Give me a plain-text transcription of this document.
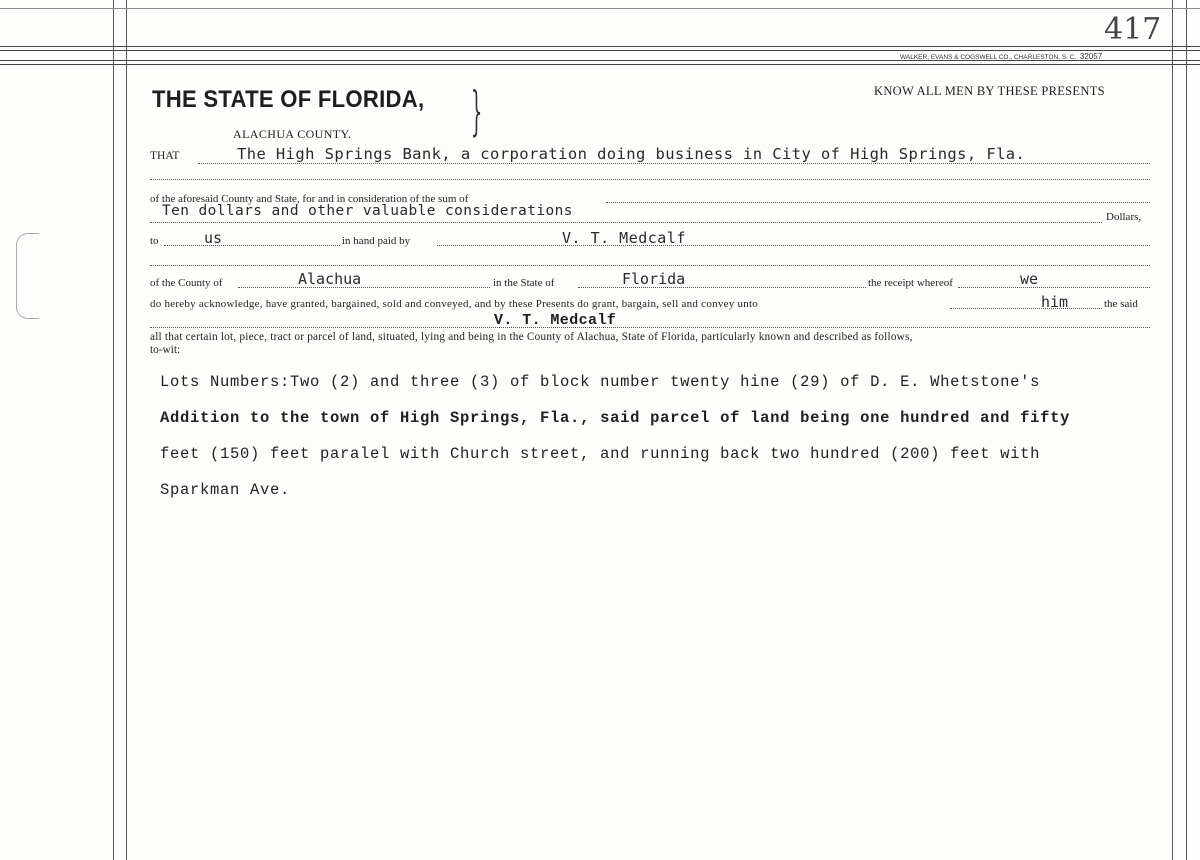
417
WALKER, EVANS & COGSWELL CO., CHARLESTON, S. C. 32057
THE STATE OF FLORIDA, }
ALACHUA COUNTY.
KNOW ALL MEN BY THESE PRESENTS
THAT	The High Springs Bank, a corporation doing business in City of High Springs, Fla.
of the aforesaid County and State, for and in consideration of the sum of
Ten dollars and other valuable considerations	Dollars,
to	us	in hand paid by	V. T. Medcalf
of the County of	Alachua	in the State of	Florida	the receipt whereof	we
do hereby acknowledge, have granted, bargained, sold and conveyed, and by these Presents do grant, bargain, sell and convey unto	him	the said
V. T. Medcalf
all that certain lot, piece, tract or parcel of land, situated, lying and being in the County of Alachua, State of Florida, particularly known and described as follows,
to-wit:
Lots Numbers:Two (2) and three (3) of block number twenty hine (29) of D. E. Whetstone's
Addition to the town of High Springs, Fla., said parcel of land being one hundred and fifty
feet (150) feet paralel with Church street, and running back two hundred (200) feet with
Sparkman Ave.
